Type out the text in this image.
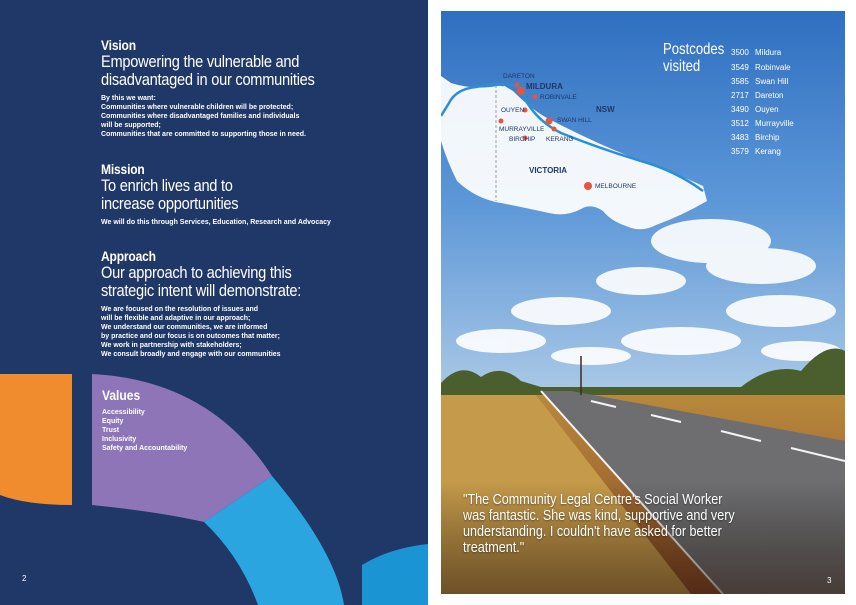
Vision
Empowering the vulnerable and
disadvantaged in our communities
By this we want:
Communities where vulnerable children will be protected;
Communities where disadvantaged families and individuals
will be supported;
Communities that are committed to supporting those in need.
Mission
To enrich lives and to
increase opportunities
We will do this through Services, Education, Research and Advocacy
Approach
Our approach to achieving this
strategic intent will demonstrate:
We are focused on the resolution of issues and
will be flexible and adaptive in our approach;
We understand our communities, we are informed
by practice and our focus is on outcomes that matter;
We work in partnership with stakeholders;
We consult broadly and engage with our communities
Values
Accessibility
Equity
Trust
Inclusivity
Safety and Accountability
2
DARETON
MILDURA
ROBINVALE
OUYEN
SWAN HILL
MURRAYVILLE
BIRCHIP KERANG
MELBOURNE
NSW
VICTORIA
Postcodes visited
3500 Mildura
3549 Robinvale
3585 Swan Hill
2717 Dareton
3490 Ouyen
3512 Murrayville
3483 Birchip
3579 Kerang
"The Community Legal Centre's Social Worker was fantastic. She was kind, supportive and very understanding. I couldn't have asked for better treatment."
3
